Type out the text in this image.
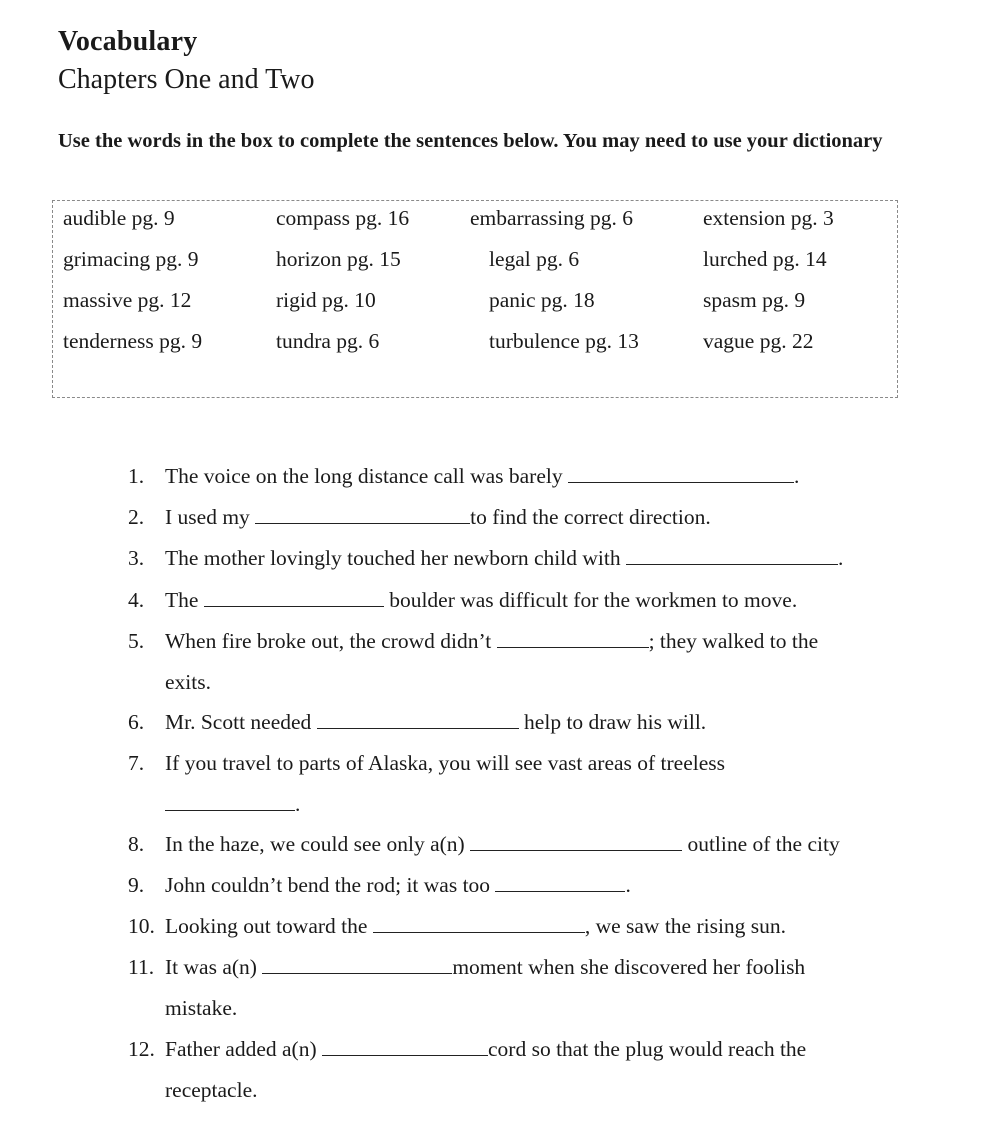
Vocabulary
Chapters One and Two
Use the words in the box to complete the sentences below. You may need to use your dictionary
audible pg. 9	compass pg. 16	embarrassing pg. 6	extension pg. 3
grimacing pg. 9	horizon pg. 15	legal pg. 6	lurched pg. 14
massive pg. 12	rigid pg. 10	panic pg. 18	spasm pg. 9
tenderness pg. 9	tundra pg. 6	turbulence pg. 13	vague pg. 22
1. The voice on the long distance call was barely	.
2. I used my	to find the correct direction.
3. The mother lovingly touched her newborn child with	.
4. The	boulder was difficult for the workmen to move.
5. When fire broke out, the crowd didn’t	; they walked to the
exits.
6. Mr. Scott needed	help to draw his will.
7. If you travel to parts of Alaska, you will see vast areas of treeless
.
8. In the haze, we could see only a(n)	outline of the city
9. John couldn’t bend the rod; it was too	.
10. Looking out toward the	, we saw the rising sun.
11. It was a(n)	moment when she discovered her foolish
mistake.
12. Father added a(n)	cord so that the plug would reach the
receptacle.
